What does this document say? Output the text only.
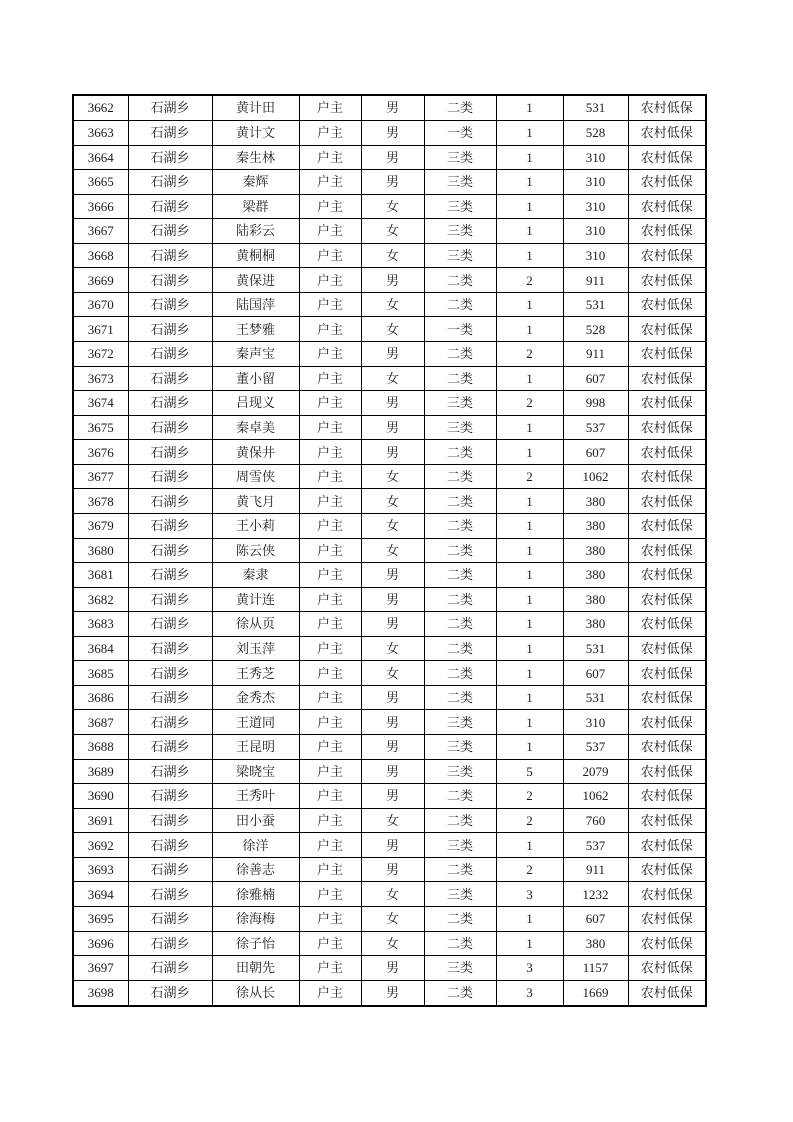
3662	石湖乡	黄计田	户主	男	二类	1	531	农村低保
3663	石湖乡	黄计文	户主	男	一类	1	528	农村低保
3664	石湖乡	秦生林	户主	男	三类	1	310	农村低保
3665	石湖乡	秦辉	户主	男	三类	1	310	农村低保
3666	石湖乡	梁群	户主	女	三类	1	310	农村低保
3667	石湖乡	陆彩云	户主	女	三类	1	310	农村低保
3668	石湖乡	黄桐桐	户主	女	三类	1	310	农村低保
3669	石湖乡	黄保进	户主	男	二类	2	911	农村低保
3670	石湖乡	陆国萍	户主	女	二类	1	531	农村低保
3671	石湖乡	王梦雅	户主	女	一类	1	528	农村低保
3672	石湖乡	秦声宝	户主	男	二类	2	911	农村低保
3673	石湖乡	董小留	户主	女	二类	1	607	农村低保
3674	石湖乡	吕现义	户主	男	三类	2	998	农村低保
3675	石湖乡	秦卓美	户主	男	三类	1	537	农村低保
3676	石湖乡	黄保井	户主	男	二类	1	607	农村低保
3677	石湖乡	周雪侠	户主	女	二类	2	1062	农村低保
3678	石湖乡	黄飞月	户主	女	二类	1	380	农村低保
3679	石湖乡	王小莉	户主	女	二类	1	380	农村低保
3680	石湖乡	陈云侠	户主	女	二类	1	380	农村低保
3681	石湖乡	秦隶	户主	男	二类	1	380	农村低保
3682	石湖乡	黄计连	户主	男	二类	1	380	农村低保
3683	石湖乡	徐从页	户主	男	二类	1	380	农村低保
3684	石湖乡	刘玉萍	户主	女	二类	1	531	农村低保
3685	石湖乡	王秀芝	户主	女	二类	1	607	农村低保
3686	石湖乡	金秀杰	户主	男	二类	1	531	农村低保
3687	石湖乡	王道同	户主	男	三类	1	310	农村低保
3688	石湖乡	王昆明	户主	男	三类	1	537	农村低保
3689	石湖乡	梁晓宝	户主	男	三类	5	2079	农村低保
3690	石湖乡	王秀叶	户主	男	二类	2	1062	农村低保
3691	石湖乡	田小蚕	户主	女	二类	2	760	农村低保
3692	石湖乡	徐洋	户主	男	三类	1	537	农村低保
3693	石湖乡	徐善志	户主	男	二类	2	911	农村低保
3694	石湖乡	徐雅楠	户主	女	三类	3	1232	农村低保
3695	石湖乡	徐海梅	户主	女	二类	1	607	农村低保
3696	石湖乡	徐子怡	户主	女	二类	1	380	农村低保
3697	石湖乡	田朝先	户主	男	三类	3	1157	农村低保
3698	石湖乡	徐从长	户主	男	二类	3	1669	农村低保
